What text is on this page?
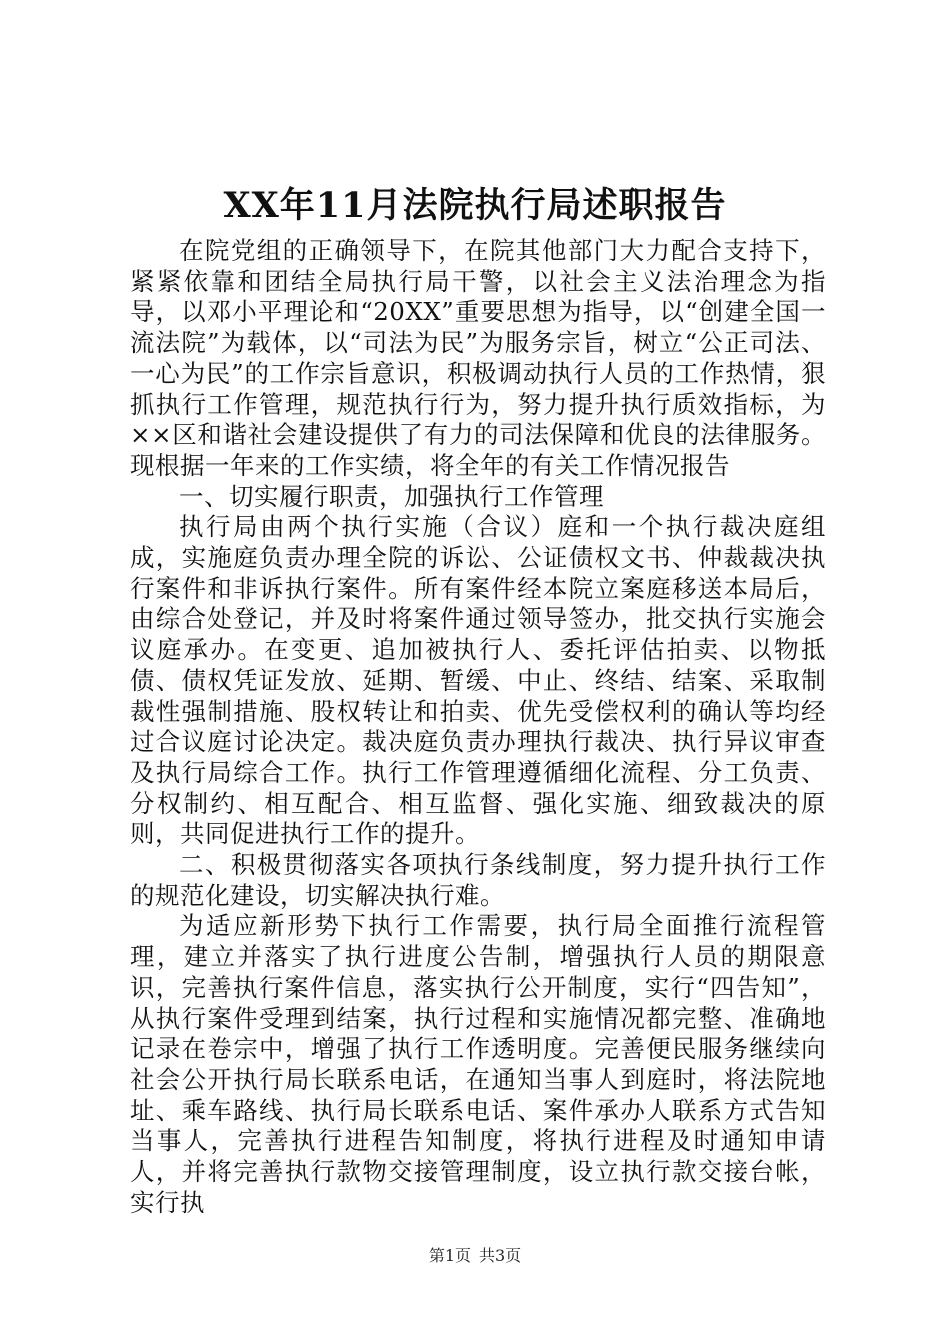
XX年11月法院执行局述职报告

在院党组的正确领导下，在院其他部门大力配合支持下，紧紧依靠和团结全局执行局干警，以社会主义法治理念为指导，以邓小平理论和“20XX”重要思想为指导，以“创建全国一流法院”为载体，以“司法为民”为服务宗旨，树立“公正司法、一心为民”的工作宗旨意识，积极调动执行人员的工作热情，狠抓执行工作管理，规范执行行为，努力提升执行质效指标，为××区和谐社会建设提供了有力的司法保障和优良的法律服务。现根据一年来的工作实绩，将全年的有关工作情况报告

一、切实履行职责，加强执行工作管理

执行局由两个执行实施（合议）庭和一个执行裁决庭组成，实施庭负责办理全院的诉讼、公证债权文书、仲裁裁决执行案件和非诉执行案件。所有案件经本院立案庭移送本局后，由综合处登记，并及时将案件通过领导签办，批交执行实施会议庭承办。在变更、追加被执行人、委托评估拍卖、以物抵债、债权凭证发放、延期、暂缓、中止、终结、结案、采取制裁性强制措施、股权转让和拍卖、优先受偿权利的确认等均经过合议庭讨论决定。裁决庭负责办理执行裁决、执行异议审查及执行局综合工作。执行工作管理遵循细化流程、分工负责、分权制约、相互配合、相互监督、强化实施、细致裁决的原则，共同促进执行工作的提升。

二、积极贯彻落实各项执行条线制度，努力提升执行工作的规范化建设，切实解决执行难。

为适应新形势下执行工作需要，执行局全面推行流程管理，建立并落实了执行进度公告制，增强执行人员的期限意识，完善执行案件信息，落实执行公开制度，实行“四告知”，从执行案件受理到结案，执行过程和实施情况都完整、准确地记录在卷宗中，增强了执行工作透明度。完善便民服务继续向社会公开执行局长联系电话，在通知当事人到庭时，将法院地址、乘车路线、执行局长联系电话、案件承办人联系方式告知当事人，完善执行进程告知制度，将执行进程及时通知申请人，并将完善执行款物交接管理制度，设立执行款交接台帐，实行执

第1页 共3页
